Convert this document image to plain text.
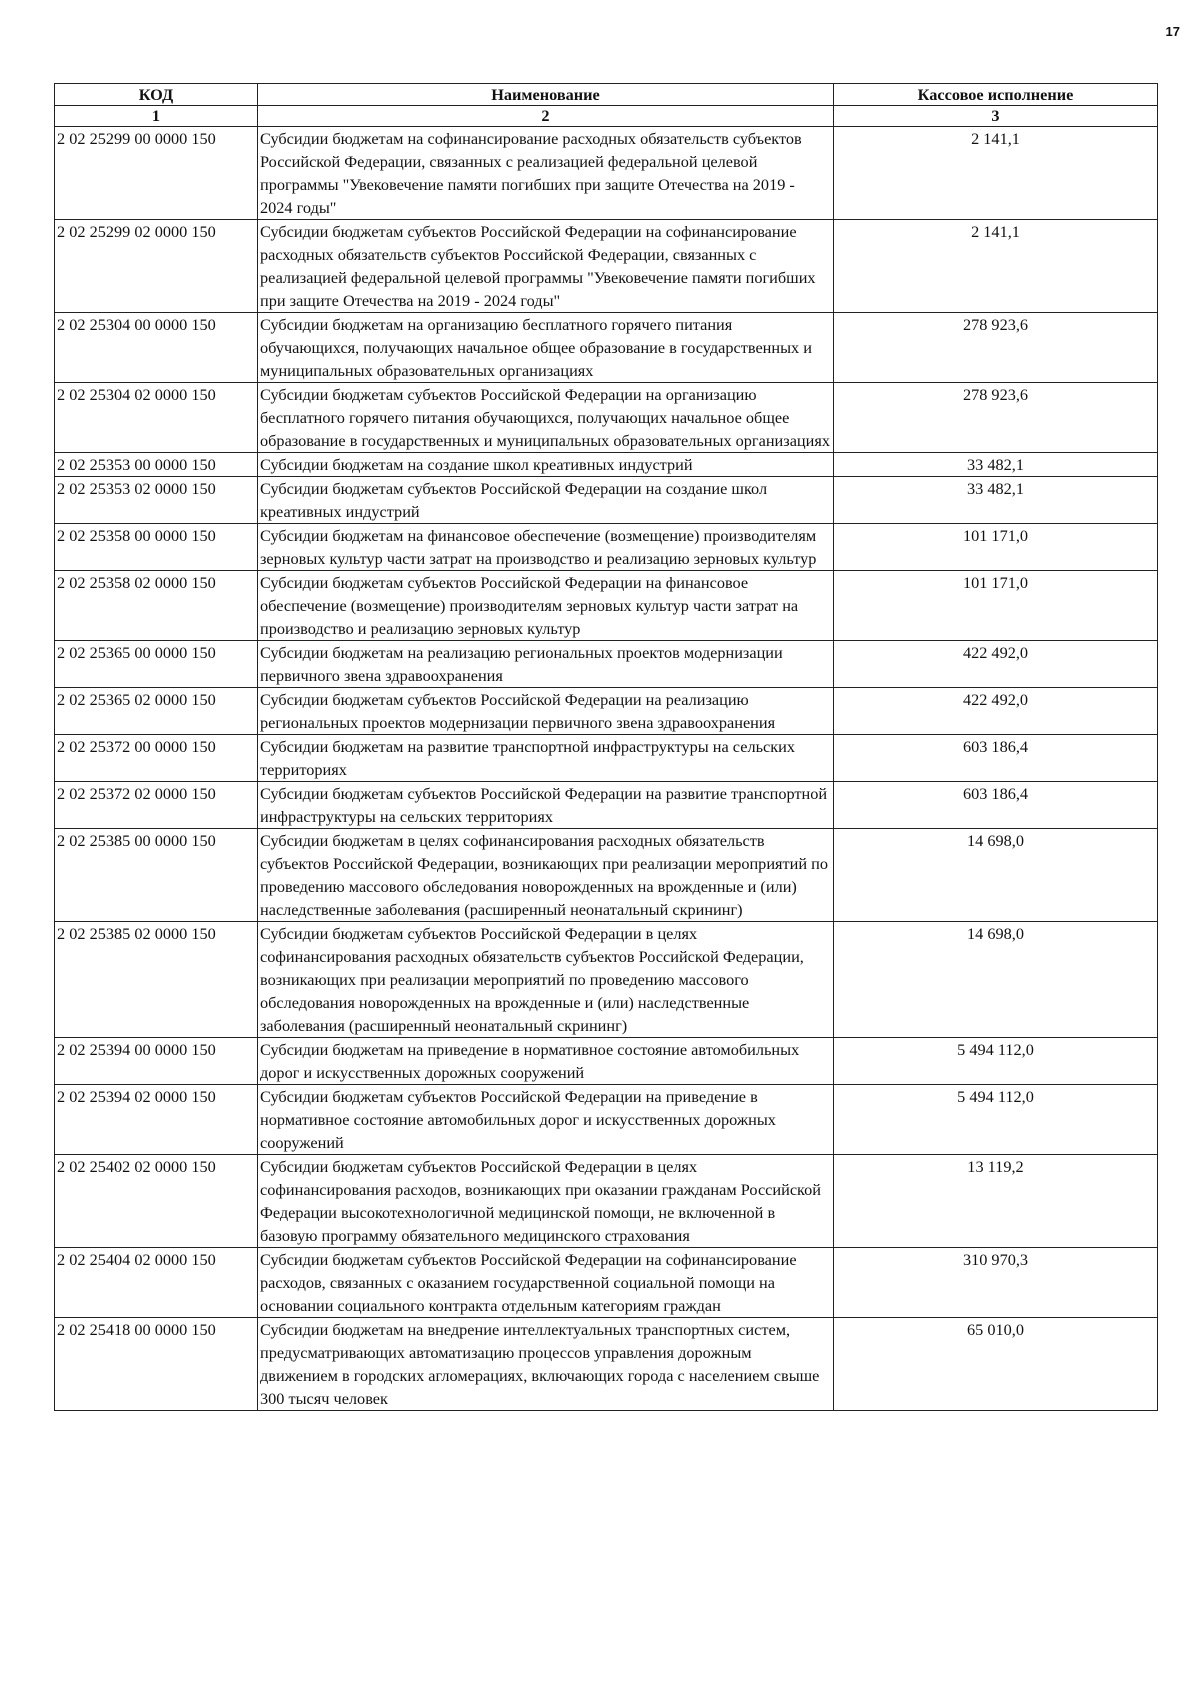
17
КОД	Наименование	Кассовое исполнение
1	2	3
2 02 25299 00 0000 150	Субсидии бюджетам на софинансирование расходных обязательств субъектов Российской Федерации, связанных с реализацией федеральной целевой программы "Увековечение памяти погибших при защите Отечества на 2019 - 2024 годы"	2 141,1
2 02 25299 02 0000 150	Субсидии бюджетам субъектов Российской Федерации на софинансирование расходных обязательств субъектов Российской Федерации, связанных с реализацией федеральной целевой программы "Увековечение памяти погибших при защите Отечества на 2019 - 2024 годы"	2 141,1
2 02 25304 00 0000 150	Субсидии бюджетам на организацию бесплатного горячего питания обучающихся, получающих начальное общее образование в государственных и муниципальных образовательных организациях	278 923,6
2 02 25304 02 0000 150	Субсидии бюджетам субъектов Российской Федерации на организацию бесплатного горячего питания обучающихся, получающих начальное общее образование в государственных и муниципальных образовательных организациях	278 923,6
2 02 25353 00 0000 150	Субсидии бюджетам на создание школ креативных индустрий	33 482,1
2 02 25353 02 0000 150	Субсидии бюджетам субъектов Российской Федерации на создание школ креативных индустрий	33 482,1
2 02 25358 00 0000 150	Субсидии бюджетам на финансовое обеспечение (возмещение) производителям зерновых культур части затрат на производство и реализацию зерновых культур	101 171,0
2 02 25358 02 0000 150	Субсидии бюджетам субъектов Российской Федерации на финансовое обеспечение (возмещение) производителям зерновых культур части затрат на производство и реализацию зерновых культур	101 171,0
2 02 25365 00 0000 150	Субсидии бюджетам на реализацию региональных проектов модернизации первичного звена здравоохранения	422 492,0
2 02 25365 02 0000 150	Субсидии бюджетам субъектов Российской Федерации на реализацию региональных проектов модернизации первичного звена здравоохранения	422 492,0
2 02 25372 00 0000 150	Субсидии бюджетам на развитие транспортной инфраструктуры на сельских территориях	603 186,4
2 02 25372 02 0000 150	Субсидии бюджетам субъектов Российской Федерации на развитие транспортной инфраструктуры на сельских территориях	603 186,4
2 02 25385 00 0000 150	Субсидии бюджетам в целях софинансирования расходных обязательств субъектов Российской Федерации, возникающих при реализации мероприятий по проведению массового обследования новорожденных на врожденные и (или) наследственные заболевания (расширенный неонатальный скрининг)	14 698,0
2 02 25385 02 0000 150	Субсидии бюджетам субъектов Российской Федерации в целях софинансирования расходных обязательств субъектов Российской Федерации, возникающих при реализации мероприятий по проведению массового обследования новорожденных на врожденные и (или) наследственные заболевания (расширенный неонатальный скрининг)	14 698,0
2 02 25394 00 0000 150	Субсидии бюджетам на приведение в нормативное состояние автомобильных дорог и искусственных дорожных сооружений	5 494 112,0
2 02 25394 02 0000 150	Субсидии бюджетам субъектов Российской Федерации на приведение в нормативное состояние автомобильных дорог и искусственных дорожных сооружений	5 494 112,0
2 02 25402 02 0000 150	Субсидии бюджетам субъектов Российской Федерации в целях софинансирования расходов, возникающих при оказании гражданам Российской Федерации высокотехнологичной медицинской помощи, не включенной в базовую программу обязательного медицинского страхования	13 119,2
2 02 25404 02 0000 150	Субсидии бюджетам субъектов Российской Федерации на софинансирование расходов, связанных с оказанием государственной социальной помощи на основании социального контракта отдельным категориям граждан	310 970,3
2 02 25418 00 0000 150	Субсидии бюджетам на внедрение интеллектуальных транспортных систем, предусматривающих автоматизацию процессов управления дорожным движением в городских агломерациях, включающих города с населением свыше 300 тысяч человек	65 010,0
